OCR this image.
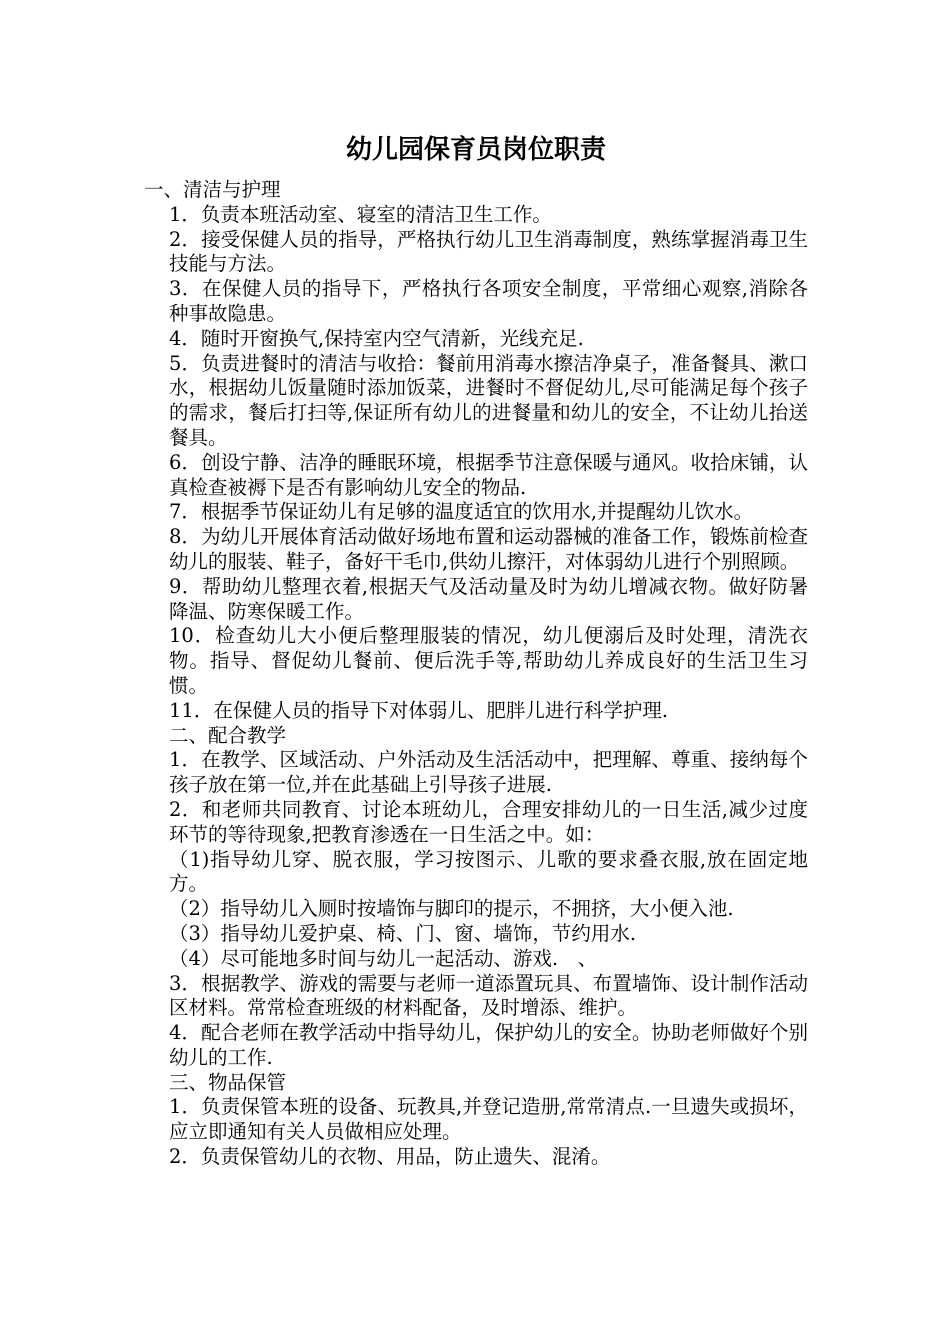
幼儿园保育员岗位职责

一、清洁与护理

1．负责本班活动室、寝室的清洁卫生工作。

2．接受保健人员的指导，严格执行幼儿卫生消毒制度，熟练掌握消毒卫生技能与方法。

3．在保健人员的指导下，严格执行各项安全制度，平常细心观察,消除各种事故隐患。

4．随时开窗换气,保持室内空气清新，光线充足.

5．负责进餐时的清洁与收拾：餐前用消毒水擦洁净桌子，准备餐具、漱口水，根据幼儿饭量随时添加饭菜，进餐时不督促幼儿,尽可能满足每个孩子的需求，餐后打扫等,保证所有幼儿的进餐量和幼儿的安全，不让幼儿抬送餐具。

6．创设宁静、洁净的睡眠环境，根据季节注意保暖与通风。收拾床铺，认真检查被褥下是否有影响幼儿安全的物品.

7．根据季节保证幼儿有足够的温度适宜的饮用水,并提醒幼儿饮水。

8．为幼儿开展体育活动做好场地布置和运动器械的准备工作，锻炼前检查幼儿的服装、鞋子，备好干毛巾,供幼儿擦汗，对体弱幼儿进行个别照顾。

9．帮助幼儿整理衣着,根据天气及活动量及时为幼儿增减衣物。做好防暑降温、防寒保暖工作。

10．检查幼儿大小便后整理服装的情况，幼儿便溺后及时处理，清洗衣物。指导、督促幼儿餐前、便后洗手等,帮助幼儿养成良好的生活卫生习惯。

11．在保健人员的指导下对体弱儿、肥胖儿进行科学护理.

二、配合教学

1．在教学、区域活动、户外活动及生活活动中，把理解、尊重、接纳每个孩子放在第一位,并在此基础上引导孩子进展.

2．和老师共同教育、讨论本班幼儿，合理安排幼儿的一日生活,减少过度环节的等待现象,把教育渗透在一日生活之中。如：

（1)指导幼儿穿、脱衣服，学习按图示、儿歌的要求叠衣服,放在固定地方。

（2）指导幼儿入厕时按墙饰与脚印的提示，不拥挤，大小便入池.

（3）指导幼儿爱护桌、椅、门、窗、墙饰，节约用水.

（4）尽可能地多时间与幼儿一起活动、游戏.　、

3．根据教学、游戏的需要与老师一道添置玩具、布置墙饰、设计制作活动区材料。常常检查班级的材料配备，及时增添、维护。

4．配合老师在教学活动中指导幼儿，保护幼儿的安全。协助老师做好个别幼儿的工作.

三、物品保管

1．负责保管本班的设备、玩教具,并登记造册,常常清点.一旦遗失或损坏，应立即通知有关人员做相应处理。

2．负责保管幼儿的衣物、用品，防止遗失、混淆。
